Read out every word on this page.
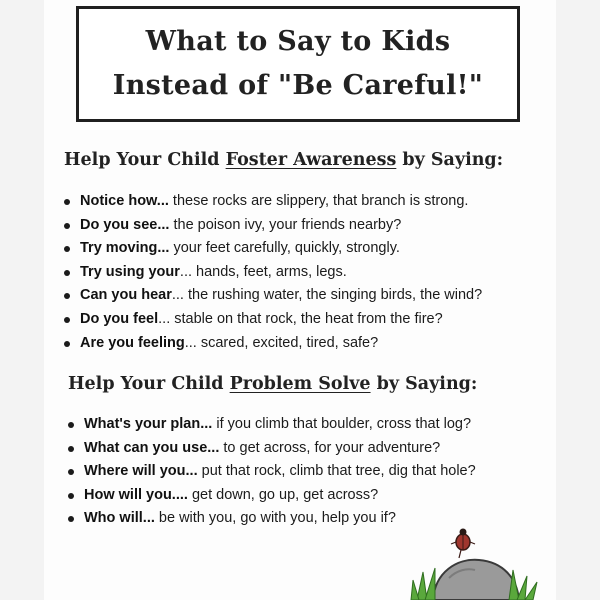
What to Say to Kids
Instead of "Be Careful!"
Help Your Child Foster Awareness by Saying:
Notice how... these rocks are slippery, that branch is strong.
Do you see... the poison ivy, your friends nearby?
Try moving... your feet carefully, quickly, strongly.
Try using your... hands, feet, arms, legs.
Can you hear... the rushing water, the singing birds, the wind?
Do you feel... stable on that rock, the heat from the fire?
Are you feeling... scared, excited, tired, safe?
Help Your Child Problem Solve by Saying:
What's your plan... if you climb that boulder, cross that log?
What can you use... to get across, for your adventure?
Where will you... put that rock, climb that tree, dig that hole?
How will you.... get down, go up, get across?
Who will... be with you, go with you, help you if?
